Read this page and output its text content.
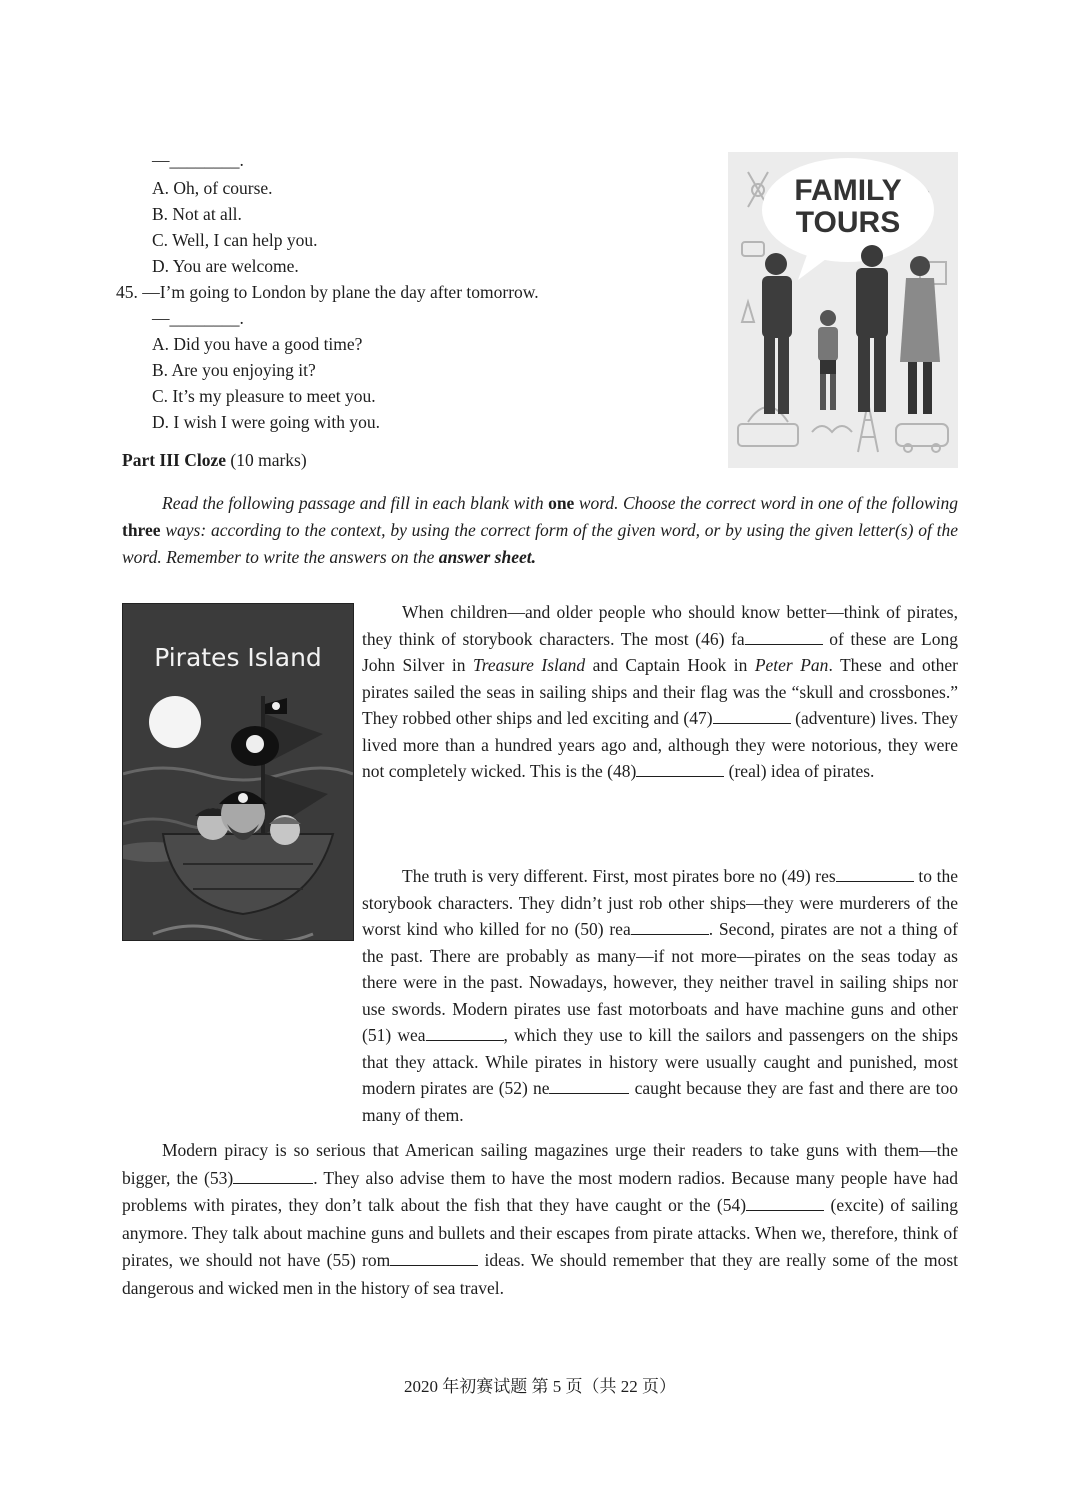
—________.
A. Oh, of course.
B. Not at all.
C. Well, I can help you.
D. You are welcome.
45. —I’m going to London by plane the day after tomorrow.
—________.
A. Did you have a good time?
B. Are you enjoying it?
C. It’s my pleasure to meet you.
D. I wish I were going with you.
FAMILY
TOURS
Part III Cloze (10 marks)
Read the following passage and fill in each blank with one word. Choose the correct word in one of the following three ways: according to the context, by using the correct form of the given word, or by using the given letter(s) of the word. Remember to write the answers on the answer sheet.
Pirates Island

When children—and older people who should know better—think of pirates, they think of storybook characters. The most (46) fa	of these are Long John Silver in Treasure Island and Captain Hook in Peter Pan. These and other pirates sailed the seas in sailing ships and their flag was the “skull and crossbones.” They robbed other ships and led exciting and (47)	(adventure) lives. They lived more than a hundred years ago and, although they were notorious, they were not completely wicked. This is the (48)	(real) idea of pirates.

The truth is very different. First, most pirates bore no (49) res	to the storybook characters. They didn’t just rob other ships—they were murderers of the worst kind who killed for no (50) rea	. Second, pirates are not a thing of the past. There are probably as many—if not more—pirates on the seas today as there were in the past. Nowadays, however, they neither travel in sailing ships nor use swords. Modern pirates use fast motorboats and have machine guns and other (51) wea	, which they use to kill the sailors and passengers on the ships that they attack. While pirates in history were usually caught and punished, most modern pirates are (52) ne	caught because they are fast and there are too many of them.

Modern piracy is so serious that American sailing magazines urge their readers to take guns with them—the bigger, the (53)	. They also advise them to have the most modern radios. Because many people have had problems with pirates, they don’t talk about the fish that they have caught or the (54)	(excite) of sailing anymore. They talk about machine guns and bullets and their escapes from pirate attacks. When we, therefore, think of pirates, we should not have (55) rom	ideas. We should remember that they are really some of the most dangerous and wicked men in the history of sea travel.

2020 年初赛试题 第 5 页（共 22 页）
